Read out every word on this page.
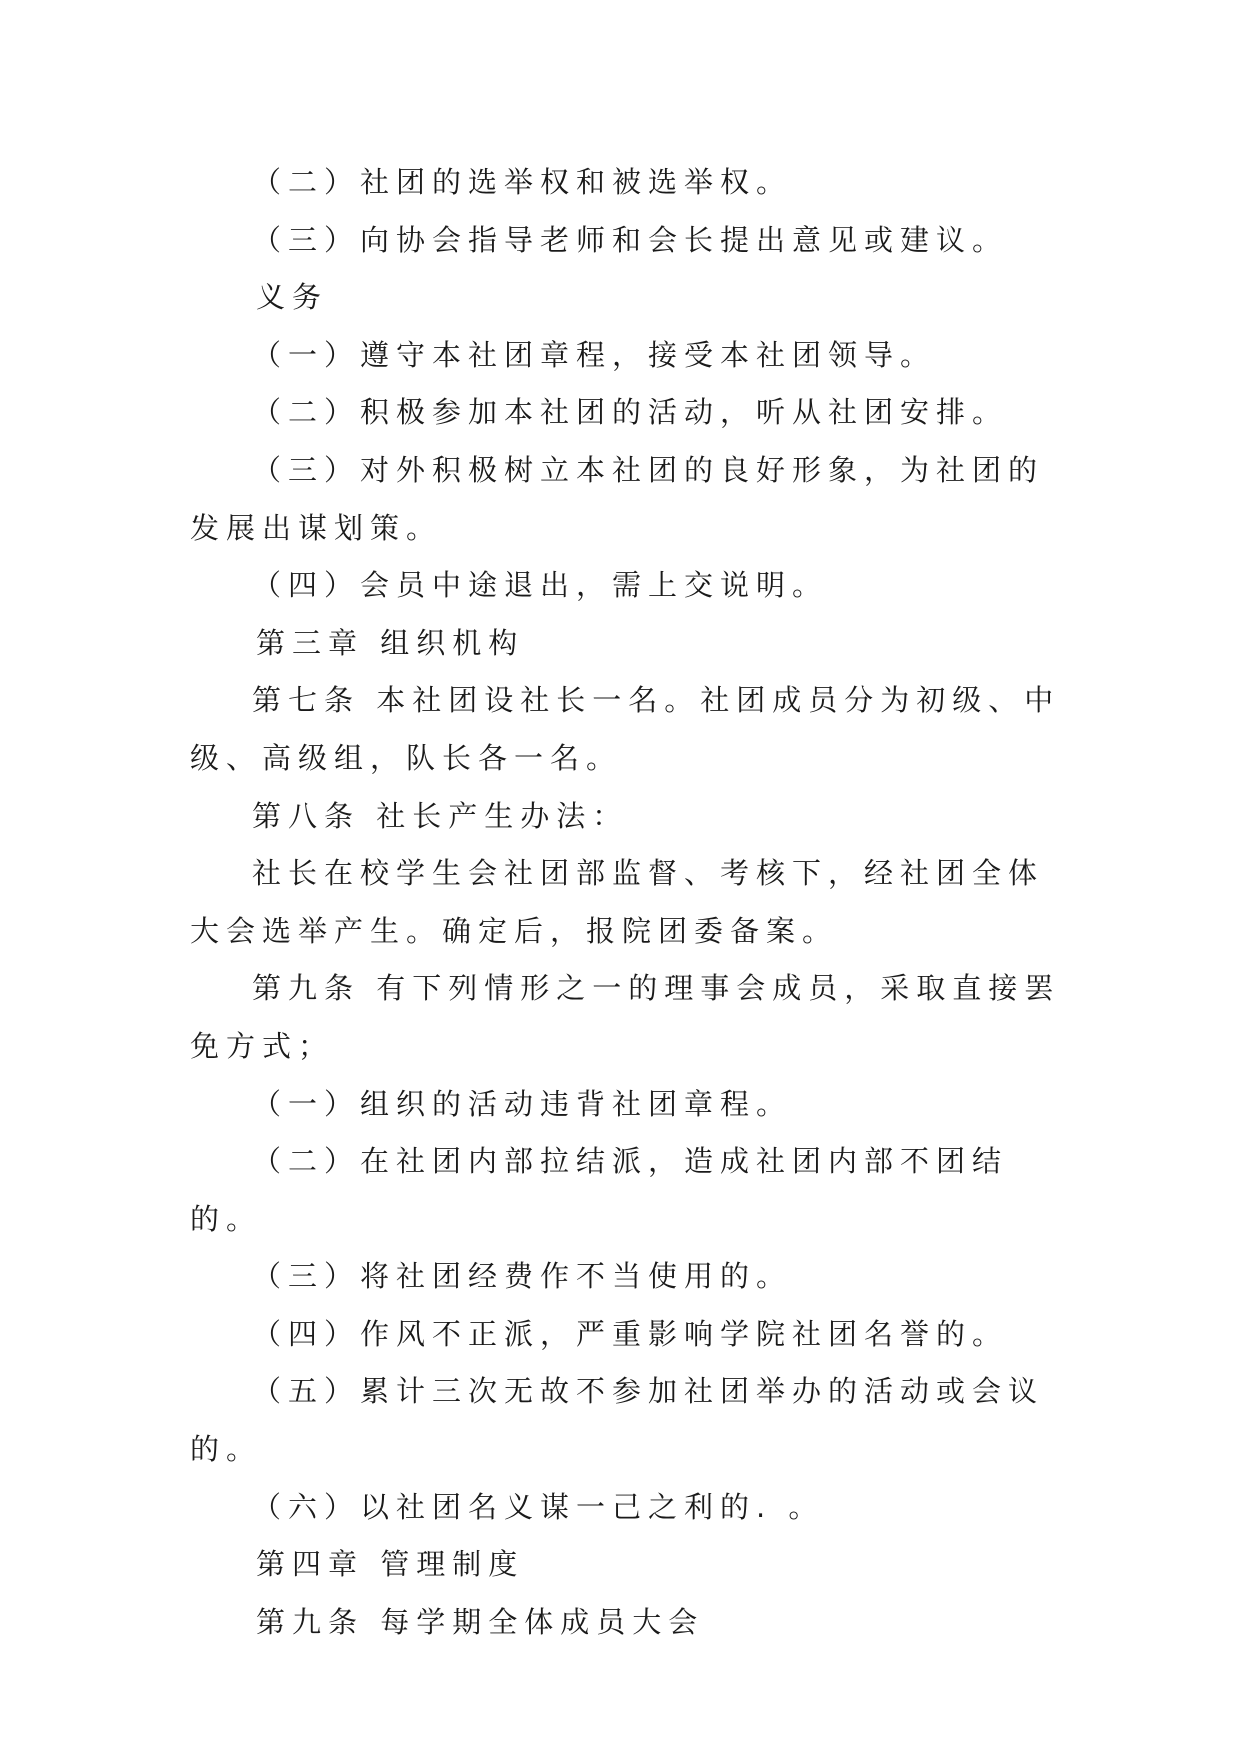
（二）社团的选举权和被选举权。

（三）向协会指导老师和会长提出意见或建议。

义务

（一）遵守本社团章程，接受本社团领导。

（二）积极参加本社团的活动，听从社团安排。

（三）对外积极树立本社团的良好形象，为社团的发展出谋划策。

（四）会员中途退出，需上交说明。

第三章 组织机构

第七条 本社团设社长一名。社团成员分为初级、中级、高级组，队长各一名。

第八条 社长产生办法：

社长在校学生会社团部监督、考核下，经社团全体大会选举产生。确定后，报院团委备案。

第九条 有下列情形之一的理事会成员，采取直接罢免方式；

（一）组织的活动违背社团章程。

（二）在社团内部拉结派，造成社团内部不团结的。

（三）将社团经费作不当使用的。

（四）作风不正派，严重影响学院社团名誉的。

（五）累计三次无故不参加社团举办的活动或会议的。

（六）以社团名义谋一己之利的. 。

第四章 管理制度

第九条 每学期全体成员大会
